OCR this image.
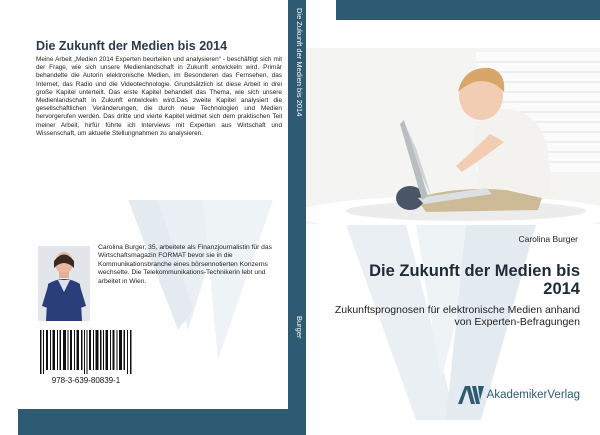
Die Zukunft der Medien bis 2014
Meine Arbeit „Medien 2014 Experten beurteilen und analysieren“ - beschäftigt sich mit der Frage, wie sich unsere Medienlandschaft in Zukunft entwickeln wird. Primär behandelte die Autorin elektronische Medien, im Besonderen das Fernsehen, das Internet, das Radio und die Videotechnologie. Grundsätzlich ist diese Arbeit in drei große Kapitel unterteilt. Das erste Kapitel behandelt das Thema, wie sich unsere Medienlandschaft in Zukunft entwickeln wird.Das zweite Kapitel analysiert die gesellschaftlichen Veränderungen, die durch neue Technologien und Medien hervorgerufen werden. Das dritte und vierte Kapitel widmet sich dem praktischen Teil meiner Arbeit, hirfür führte ich Interviews mit Experten aus Wirtschaft und Wissenschaft, um aktuelle Stellungnahmen zu analysieren.
Carolina Burger, 35, arbeitete als Finanzjournalistin für das Wirtschaftsmagazin FORMAT bevor sie in die Kommunikationsbranche eines börsennotierten Konzerns wechselte. Die Telekommunikations-Technikerin lebt und arbeitet in Wien.
978-3-639-80839-1
Die Zukunft der Medien bis 2014
Burger
Carolina Burger
Die Zukunft der Medien bis 2014
Zukunftsprognosen für elektronische Medien anhand von Experten-Befragungen
AkademikerVerlag
